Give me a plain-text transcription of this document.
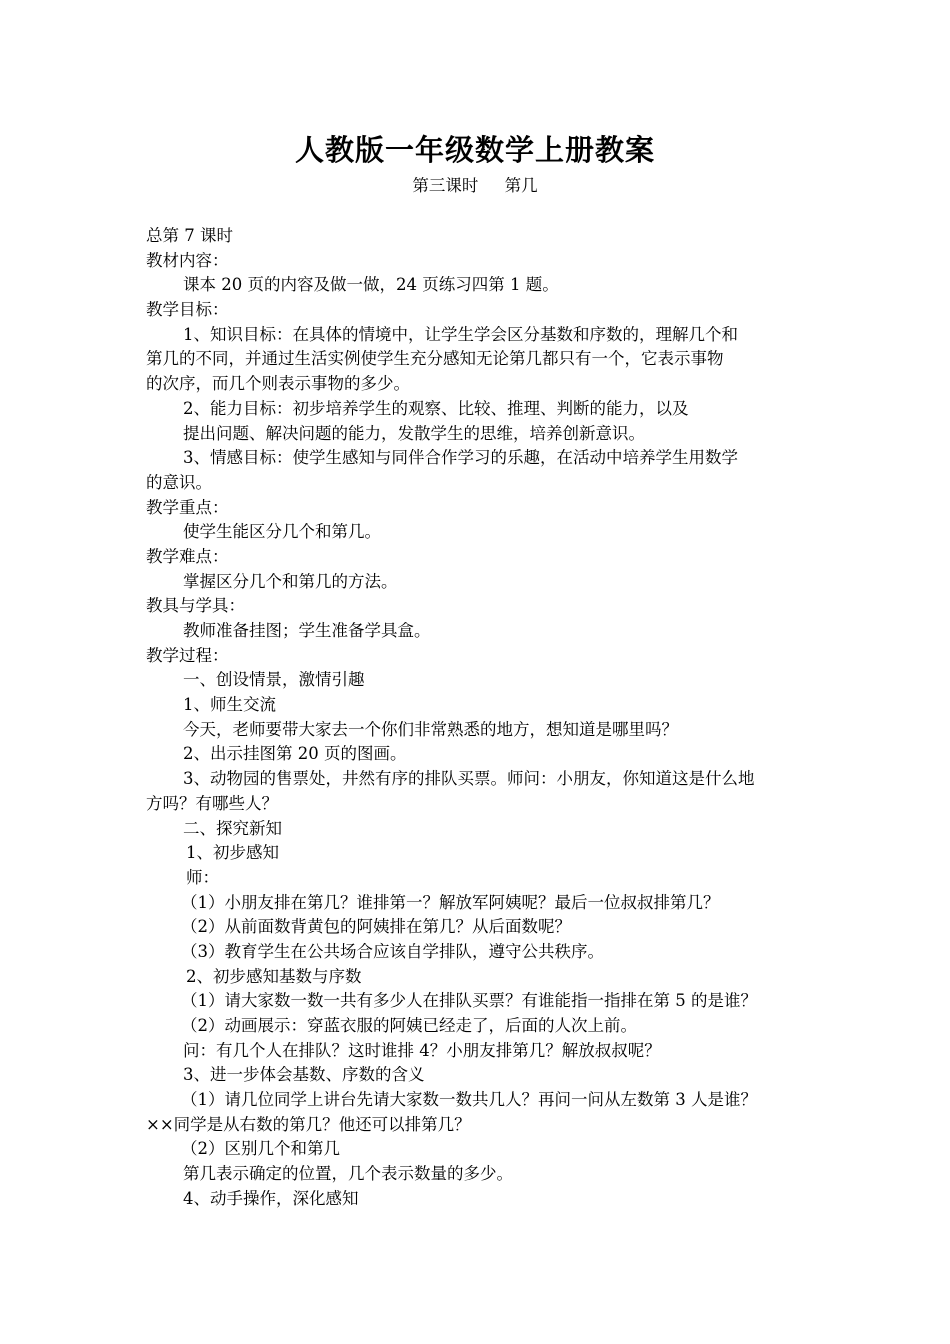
人教版一年级数学上册教案
第三课时     第几
总第 7 课时
教材内容：
课本 20 页的内容及做一做，24 页练习四第 1 题。
教学目标：
1、知识目标：在具体的情境中，让学生学会区分基数和序数的，理解几个和
第几的不同，并通过生活实例使学生充分感知无论第几都只有一个，它表示事物
的次序，而几个则表示事物的多少。
2、能力目标：初步培养学生的观察、比较、推理、判断的能力，以及
提出问题、解决问题的能力，发散学生的思维，培养创新意识。
3、情感目标：使学生感知与同伴合作学习的乐趣，在活动中培养学生用数学
的意识。
教学重点：
使学生能区分几个和第几。
教学难点：
掌握区分几个和第几的方法。
教具与学具：
教师准备挂图；学生准备学具盒。
教学过程：
一、创设情景，激情引趣
1、师生交流
今天，老师要带大家去一个你们非常熟悉的地方，想知道是哪里吗？
2、出示挂图第 20 页的图画。
3、动物园的售票处，井然有序的排队买票。师问：小朋友，你知道这是什么地
方吗？有哪些人？
二、探究新知
1、初步感知
师：
（1）小朋友排在第几？谁排第一？解放军阿姨呢？最后一位叔叔排第几？
（2）从前面数背黄包的阿姨排在第几？从后面数呢？
（3）教育学生在公共场合应该自学排队，遵守公共秩序。
2、初步感知基数与序数
（1）请大家数一数一共有多少人在排队买票？有谁能指一指排在第 5 的是谁？
（2）动画展示：穿蓝衣服的阿姨已经走了，后面的人次上前。
问：有几个人在排队？这时谁排 4？小朋友排第几？解放叔叔呢？
3、进一步体会基数、序数的含义
（1）请几位同学上讲台先请大家数一数共几人？再问一问从左数第 3 人是谁？
××同学是从右数的第几？他还可以排第几？
（2）区别几个和第几
第几表示确定的位置，几个表示数量的多少。
4、动手操作，深化感知
